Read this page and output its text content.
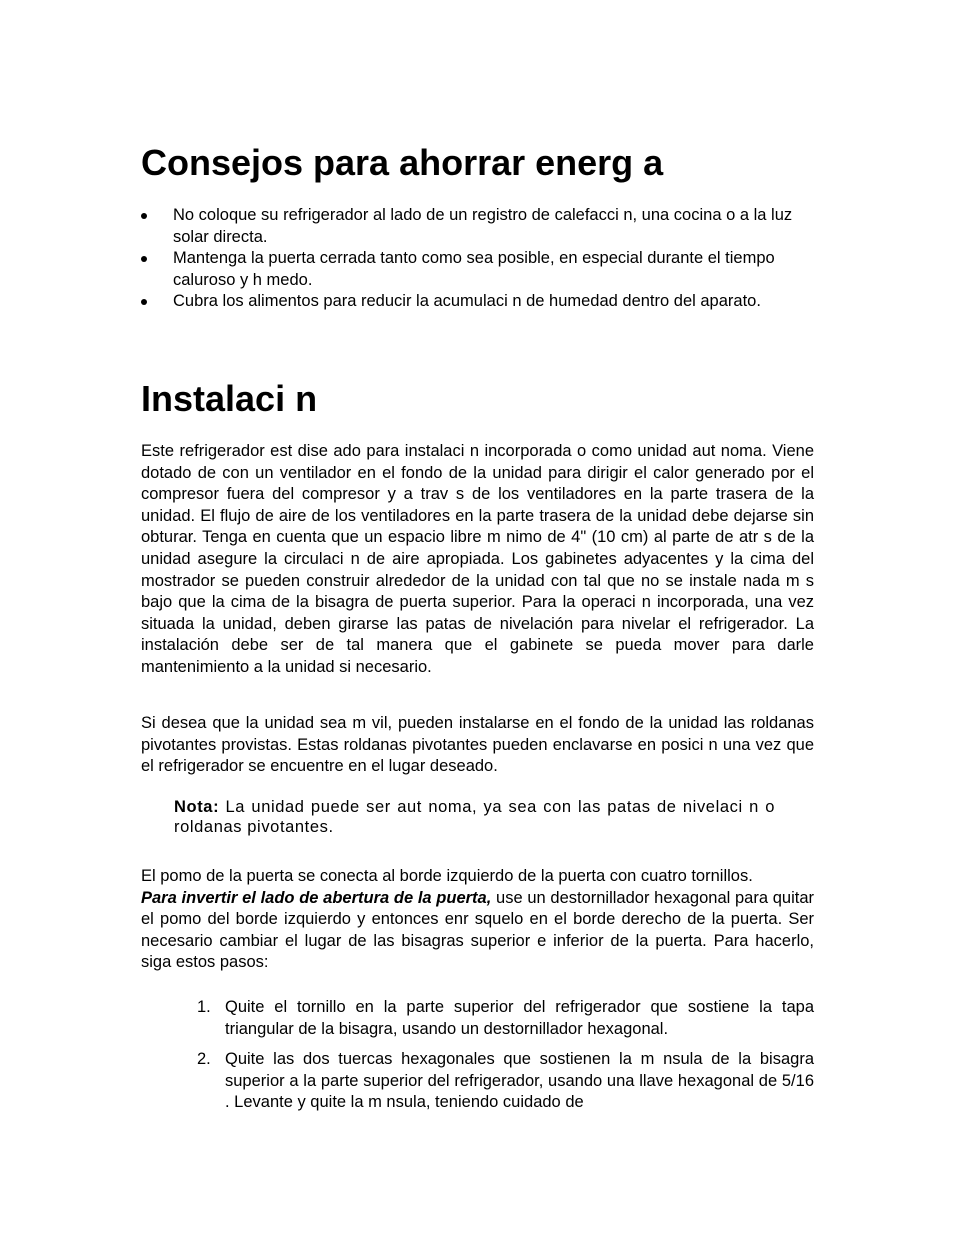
Consejos para ahorrar energ a
No coloque su refrigerador al lado de un registro de calefacci n, una cocina o a la luz solar directa.
Mantenga la puerta cerrada tanto como sea posible, en especial durante el tiempo caluroso y h medo.
Cubra los alimentos para reducir la acumulaci n de humedad dentro del aparato.
Instalaci n

Este refrigerador est dise ado para instalaci n incorporada o como unidad aut noma. Viene dotado de con un ventilador en el fondo de la unidad para dirigir el calor generado por el compresor fuera del compresor y a trav s de los ventiladores en la parte trasera de la unidad. El flujo de aire de los ventiladores en la parte trasera de la unidad debe dejarse sin obturar. Tenga en cuenta que un espacio libre m nimo de 4" (10 cm) al parte de atr s de la unidad asegure la circulaci n de aire apropiada. Los gabinetes adyacentes y la cima del mostrador se pueden construir alrededor de la unidad con tal que no se instale nada m s bajo que la cima de la bisagra de puerta superior. Para la operaci n incorporada, una vez situada la unidad, deben girarse las patas de nivelación para nivelar el refrigerador. La instalación debe ser de tal manera que el gabinete se pueda mover para darle mantenimiento a la unidad si necesario.

Si desea que la unidad sea m vil, pueden instalarse en el fondo de la unidad las roldanas pivotantes provistas. Estas roldanas pivotantes pueden enclavarse en posici n una vez que el refrigerador se encuentre en el lugar deseado.

Nota: La unidad puede ser aut noma, ya sea con las patas de nivelaci n o roldanas pivotantes.

El pomo de la puerta se conecta al borde izquierdo de la puerta con cuatro tornillos.
Para invertir el lado de abertura de la puerta, use un destornillador hexagonal para quitar el pomo del borde izquierdo y entonces enr squelo en el borde derecho de la puerta. Ser necesario cambiar el lugar de las bisagras superior e inferior de la puerta. Para hacerlo, siga estos pasos:
1. Quite el tornillo en la parte superior del refrigerador que sostiene la tapa triangular de la bisagra, usando un destornillador hexagonal.
2. Quite las dos tuercas hexagonales que sostienen la m nsula de la bisagra superior a la parte superior del refrigerador, usando una llave hexagonal de 5/16 . Levante y quite la m nsula, teniendo cuidado de
